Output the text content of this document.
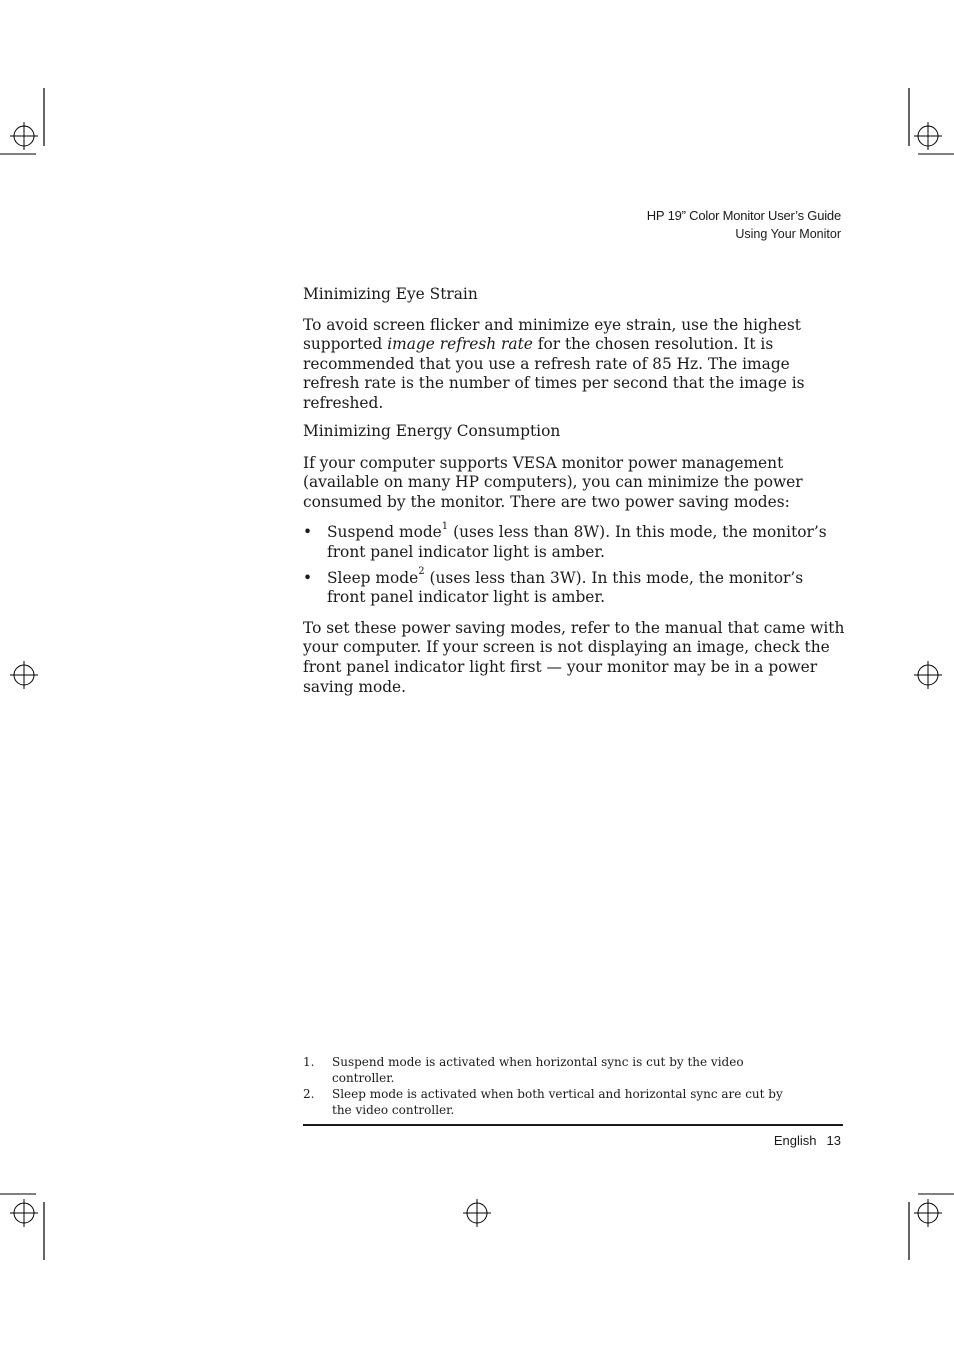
HP 19” Color Monitor User’s Guide
Using Your Monitor
Minimizing Eye Strain

To avoid screen flicker and minimize eye strain, use the highest supported image refresh rate for the chosen resolution. It is recommended that you use a refresh rate of 85 Hz. The image refresh rate is the number of times per second that the image is refreshed.

Minimizing Energy Consumption

If your computer supports VESA monitor power management (available on many HP computers), you can minimize the power consumed by the monitor. There are two power saving modes:

• Suspend mode$^1$ (uses less than 8W). In this mode, the monitor’s front panel indicator light is amber.
• Sleep mode$^2$ (uses less than 3W). In this mode, the monitor’s front panel indicator light is amber.

To set these power saving modes, refer to the manual that came with your computer. If your screen is not displaying an image, check the front panel indicator light first — your monitor may be in a power saving mode.

1.	Suspend mode is activated when horizontal sync is cut by the video controller.
2.	Sleep mode is activated when both vertical and horizontal sync are cut by the video controller.
English 13
